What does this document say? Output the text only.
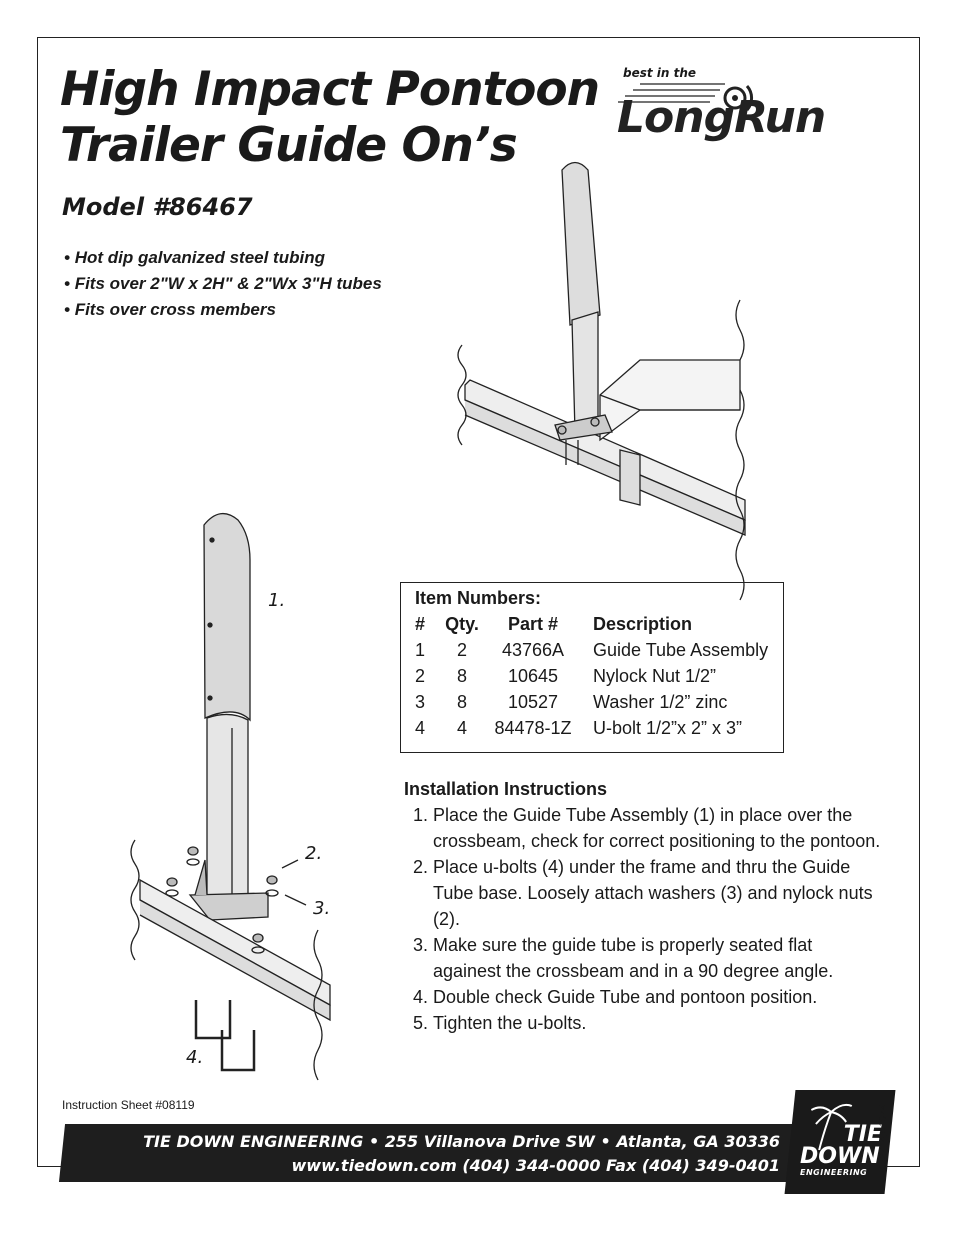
High Impact Pontoon
Trailer Guide On’s
Model #86467
• Hot dip galvanized steel tubing
• Fits over 2"W x 2H" & 2"Wx 3"H tubes
• Fits over cross members
best in the
LongRun
1.
2.
3.
4.
Item Numbers:
#	Qty.	Part #	Description
1	2	43766A	Guide Tube Assembly
2	8	10645	Nylock Nut 1/2”
3	8	10527	Washer 1/2” zinc
4	4	84478-1Z	U-bolt 1/2”x 2” x 3”
Installation Instructions
1. Place the Guide Tube Assembly (1) in place over the crossbeam, check for correct positioning to the pontoon.
2. Place u-bolts (4) under the frame and thru the Guide Tube base. Loosely attach washers (3) and nylock nuts (2).
3. Make sure the guide tube is properly seated flat againest the crossbeam and in a 90 degree angle.
4. Double check Guide Tube and pontoon position.
5. Tighten the u-bolts.
Instruction Sheet #08119
TIE DOWN ENGINEERING • 255 Villanova Drive SW • Atlanta, GA 30336
www.tiedown.com (404) 344-0000 Fax (404) 349-0401
TIE
DOWN
ENGINEERING
052714,A1074
